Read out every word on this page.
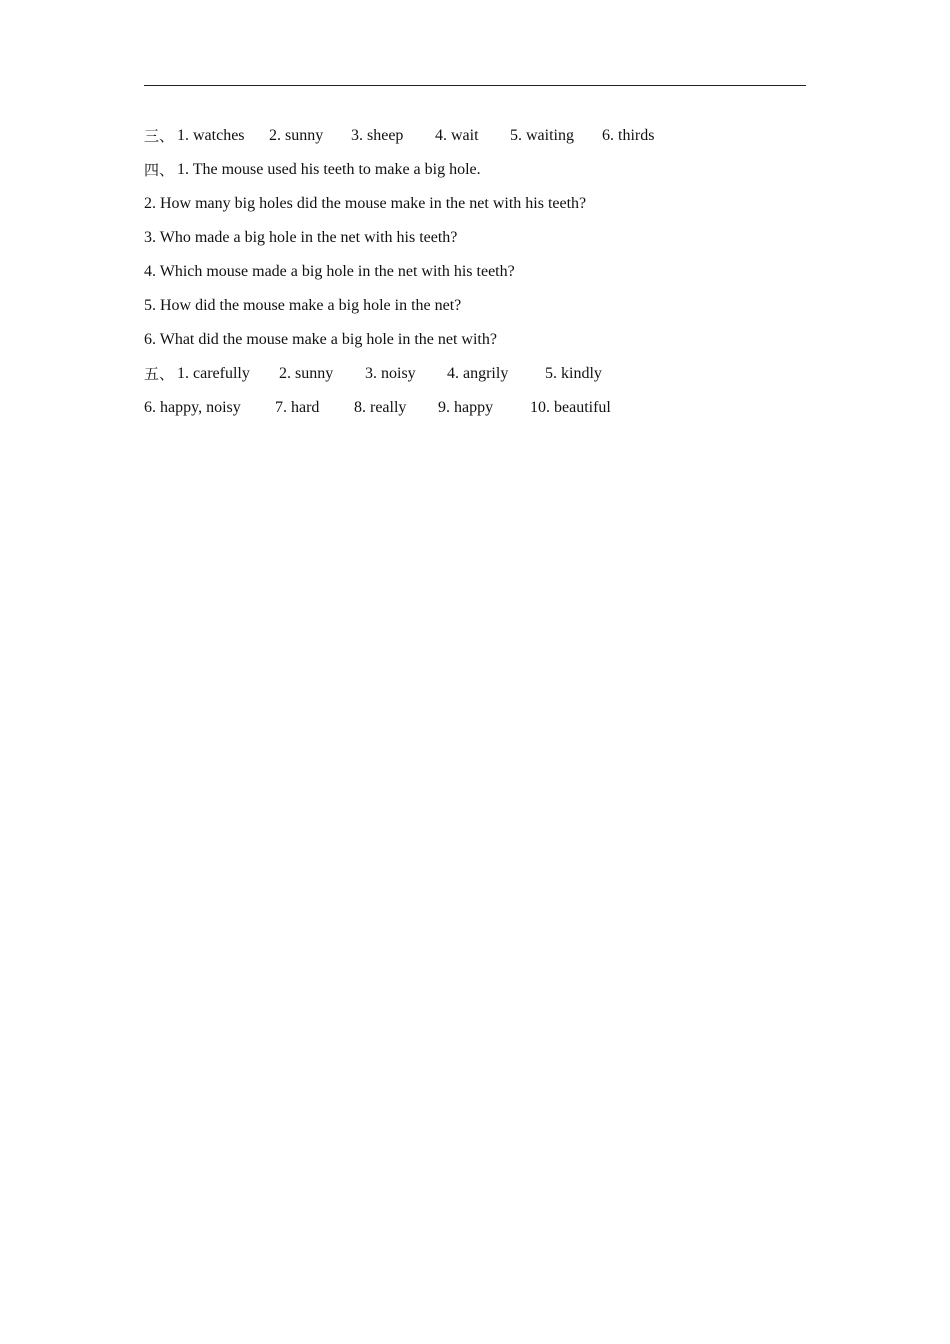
三、 1. watches 2. sunny 3. sheep 4. wait 5. waiting 6. thirds
四、 1. The mouse used his teeth to make a big hole.
2. How many big holes did the mouse make in the net with his teeth?
3. Who made a big hole in the net with his teeth?
4. Which mouse made a big hole in the net with his teeth?
5. How did the mouse make a big hole in the net?
6. What did the mouse make a big hole in the net with?
五、 1. carefully 2. sunny 3. noisy 4. angrily 5. kindly
6. happy, noisy 7. hard 8. really 9. happy 10. beautiful
